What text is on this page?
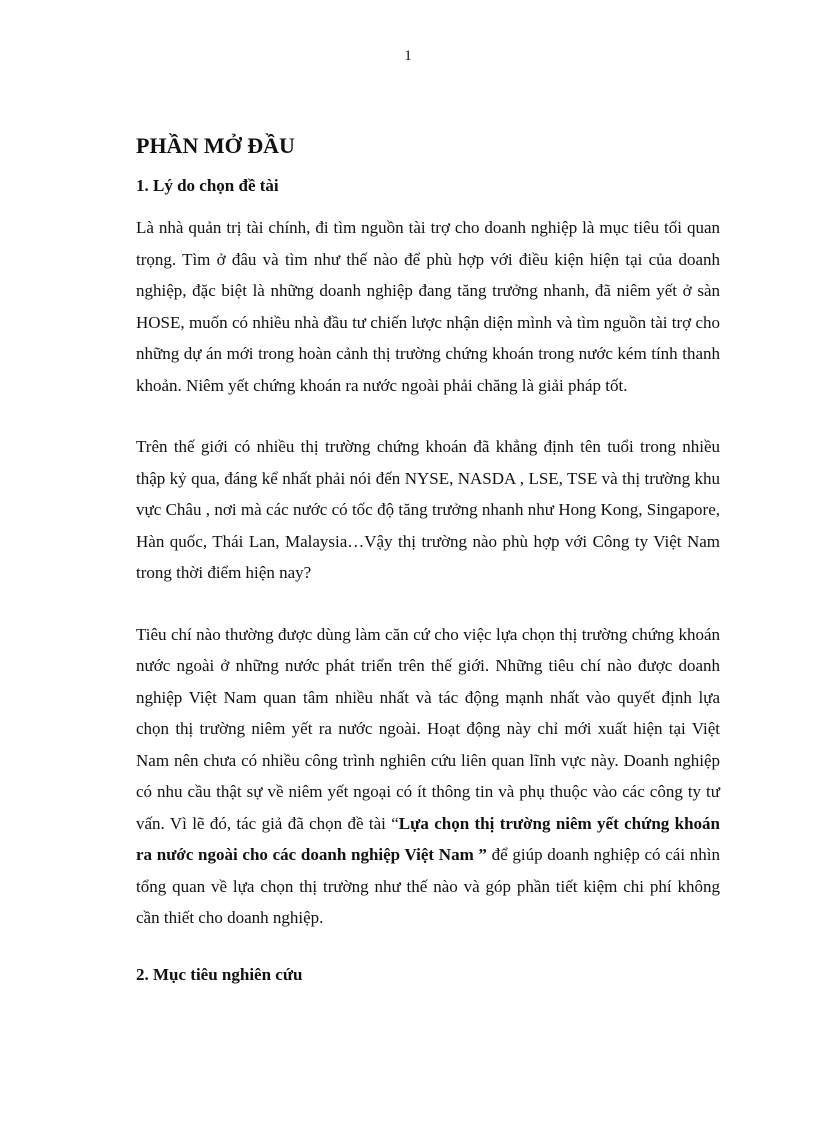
1
PHẦN MỞ ĐẦU
1. Lý do chọn đề tài

Là nhà quản trị tài chính, đi tìm nguồn tài trợ cho doanh nghiệp là mục tiêu tối quan trọng. Tìm ở đâu và tìm như thế nào để phù hợp với điều kiện hiện tại của doanh nghiệp, đặc biệt là những doanh nghiệp đang tăng trưởng nhanh, đã niêm yết ở sàn HOSE, muốn có nhiều nhà đầu tư chiến lược nhận diện mình và tìm nguồn tài trợ cho những dự án mới trong hoàn cảnh thị trường chứng khoán trong nước kém tính thanh khoản. Niêm yết chứng khoán ra nước ngoài phải chăng là giải pháp tốt.

Trên thế giới có nhiều thị trường chứng khoán đã khẳng định tên tuổi trong nhiều thập kỷ qua, đáng kể nhất phải nói đến NYSE, NASDA , LSE, TSE và thị trường khu vực Châu , nơi mà các nước có tốc độ tăng trưởng nhanh như Hong Kong, Singapore, Hàn quốc, Thái Lan, Malaysia…Vậy thị trường nào phù hợp với Công ty Việt Nam trong thời điểm hiện nay?

Tiêu chí nào thường được dùng làm căn cứ cho việc lựa chọn thị trường chứng khoán nước ngoài ở những nước phát triển trên thế giới. Những tiêu chí nào được doanh nghiệp Việt Nam quan tâm nhiều nhất và tác động mạnh nhất vào quyết định lựa chọn thị trường niêm yết ra nước ngoài. Hoạt động này chỉ mới xuất hiện tại Việt Nam nên chưa có nhiều công trình nghiên cứu liên quan lĩnh vực này. Doanh nghiệp có nhu cầu thật sự về niêm yết ngoại có ít thông tin và phụ thuộc vào các công ty tư vấn. Vì lẽ đó, tác giả đã chọn đề tài “Lựa chọn thị trường niêm yết chứng khoán ra nước ngoài cho các doanh nghiệp Việt Nam ” để giúp doanh nghiệp có cái nhìn tổng quan về lựa chọn thị trường như thế nào và góp phần tiết kiệm chi phí không cần thiết cho doanh nghiệp.

2. Mục tiêu nghiên cứu
